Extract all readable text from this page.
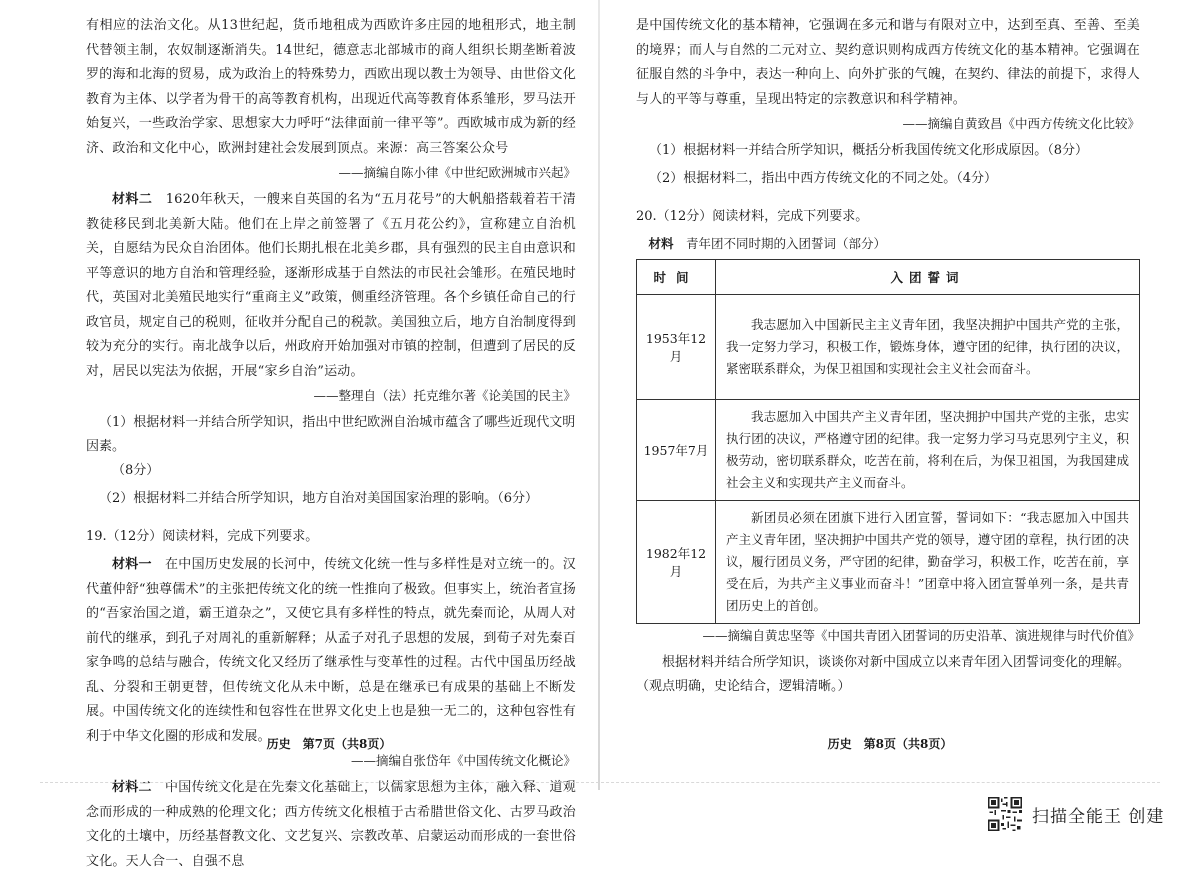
有相应的法治文化。从13世纪起，货币地租成为西欧许多庄园的地租形式，地主制代替领主制，农奴制逐渐消失。14世纪，德意志北部城市的商人组织长期垄断着波罗的海和北海的贸易，成为政治上的特殊势力，西欧出现以教士为领导、由世俗文化教育为主体、以学者为骨干的高等教育机构，出现近代高等教育体系雏形，罗马法开始复兴，一些政治学家、思想家大力呼吁“法律面前一律平等”。西欧城市成为新的经济、政治和文化中心，欧洲封建社会发展到顶点。来源：高三答案公众号

——摘编自陈小律《中世纪欧洲城市兴起》

材料二　 1620年秋天，一艘来自英国的名为“五月花号”的大帆船搭载着若干清教徒移民到北美新大陆。他们在上岸之前签署了《五月花公约》，宣称建立自治机关，自愿结为民众自治团体。他们长期扎根在北美乡郡，具有强烈的民主自由意识和平等意识的地方自治和管理经验，逐渐形成基于自然法的市民社会雏形。在殖民地时代，英国对北美殖民地实行“重商主义”政策，侧重经济管理。各个乡镇任命自己的行政官员，规定自己的税则，征收并分配自己的税款。美国独立后，地方自治制度得到较为充分的实行。南北战争以后，州政府开始加强对市镇的控制，但遭到了居民的反对，居民以宪法为依据，开展“家乡自治”运动。

——整理自（法）托克维尔著《论美国的民主》

（1）根据材料一并结合所学知识，指出中世纪欧洲自治城市蕴含了哪些近现代文明因素。
（8分）

（2）根据材料二并结合所学知识，地方自治对美国国家治理的影响。（6分）

19.（12分）阅读材料，完成下列要求。

材料一　 在中国历史发展的长河中，传统文化统一性与多样性是对立统一的。汉代董仲舒“独尊儒术”的主张把传统文化的统一性推向了极致。但事实上，统治者宣扬的“吾家治国之道，霸王道杂之”，又使它具有多样性的特点，就先秦而论，从周人对前代的继承，到孔子对周礼的重新解释；从孟子对孔子思想的发展，到荀子对先秦百家争鸣的总结与融合，传统文化又经历了继承性与变革性的过程。古代中国虽历经战乱、分裂和王朝更替，但传统文化从未中断，总是在继承已有成果的基础上不断发展。中国传统文化的连续性和包容性在世界文化史上也是独一无二的，这种包容性有利于中华文化圈的形成和发展。

——摘编自张岱年《中国传统文化概论》

材料二　 中国传统文化是在先秦文化基础上，以儒家思想为主体，融入释、道观念而形成的一种成熟的伦理文化；西方传统文化根植于古希腊世俗文化、古罗马政治文化的土壤中，历经基督教文化、文艺复兴、宗教改革、启蒙运动而形成的一套世俗文化。天人合一、自强不息

历史　第7页（共8页）

是中国传统文化的基本精神，它强调在多元和谐与有限对立中，达到至真、至善、至美的境界；而人与自然的二元对立、契约意识则构成西方传统文化的基本精神。它强调在征服自然的斗争中，表达一种向上、向外扩张的气魄，在契约、律法的前提下，求得人与人的平等与尊重，呈现出特定的宗教意识和科学精神。

——摘编自黄致昌《中西方传统文化比较》

（1）根据材料一并结合所学知识，概括分析我国传统文化形成原因。（8分）

（2）根据材料二，指出中西方传统文化的不同之处。（4分）

20.（12分）阅读材料，完成下列要求。

材料　 青年团不同时期的入团誓词（部分）

时间	入团誓词
1953年12月	我志愿加入中国新民主主义青年团，我坚决拥护中国共产党的主张，我一定努力学习，积极工作，锻炼身体，遵守团的纪律，执行团的决议，紧密联系群众，为保卫祖国和实现社会主义社会而奋斗。
1957年7月	我志愿加入中国共产主义青年团，坚决拥护中国共产党的主张，忠实执行团的决议，严格遵守团的纪律。我一定努力学习马克思列宁主义，积极劳动，密切联系群众，吃苦在前，将利在后，为保卫祖国，为我国建成社会主义和实现共产主义而奋斗。
1982年12月	新团员必须在团旗下进行入团宣誓，誓词如下：“我志愿加入中国共产主义青年团，坚决拥护中国共产党的领导，遵守团的章程，执行团的决议，履行团员义务，严守团的纪律，勤奋学习，积极工作，吃苦在前，享受在后，为共产主义事业而奋斗！”团章中将入团宣誓单列一条，是共青团历史上的首创。

——摘编自黄忠坚等《中国共青团入团誓词的历史沿革、演进规律与时代价值》

根据材料并结合所学知识，谈谈你对新中国成立以来青年团入团誓词变化的理解。（观点明确，史论结合，逻辑清晰。）

历史　第8页（共8页）
扫描全能王 创建
